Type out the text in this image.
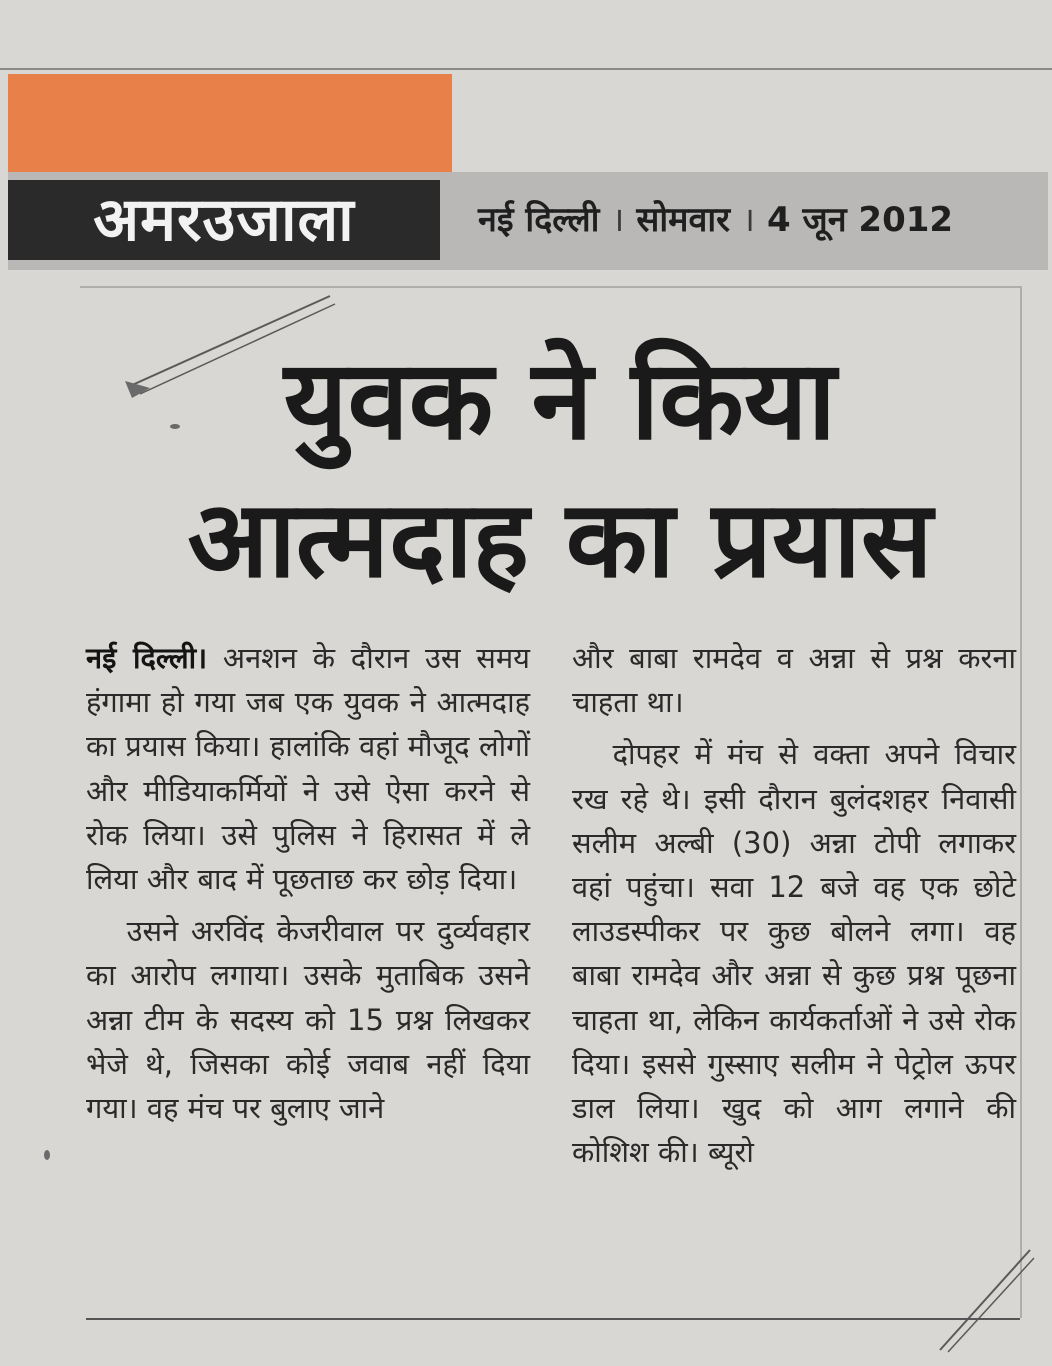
अमरउजाला	नई दिल्ली । सोमवार । 4 जून 2012
युवक ने किया
आत्मदाह का प्रयास

नई दिल्ली। अनशन के दौरान उस समय हंगामा हो गया जब एक युवक ने आत्मदाह का प्रयास किया। हालांकि वहां मौजूद लोगों और मीडियाकर्मियों ने उसे ऐसा करने से रोक लिया। उसे पुलिस ने हिरासत में ले लिया और बाद में पूछताछ कर छोड़ दिया।

उसने अरविंद केजरीवाल पर दुर्व्यवहार का आरोप लगाया। उसके मुताबिक उसने अन्ना टीम के सदस्य को 15 प्रश्न लिखकर भेजे थे, जिसका कोई जवाब नहीं दिया गया। वह मंच पर बुलाए जाने

और बाबा रामदेव व अन्ना से प्रश्न करना चाहता था।

दोपहर में मंच से वक्ता अपने विचार रख रहे थे। इसी दौरान बुलंदशहर निवासी सलीम अल्बी (30) अन्ना टोपी लगाकर वहां पहुंचा। सवा 12 बजे वह एक छोटे लाउडस्पीकर पर कुछ बोलने लगा। वह बाबा रामदेव और अन्ना से कुछ प्रश्न पूछना चाहता था, लेकिन कार्यकर्ताओं ने उसे रोक दिया। इससे गुस्साए सलीम ने पेट्रोल ऊपर डाल लिया। खुद को आग लगाने की कोशिश की। ब्यूरो
